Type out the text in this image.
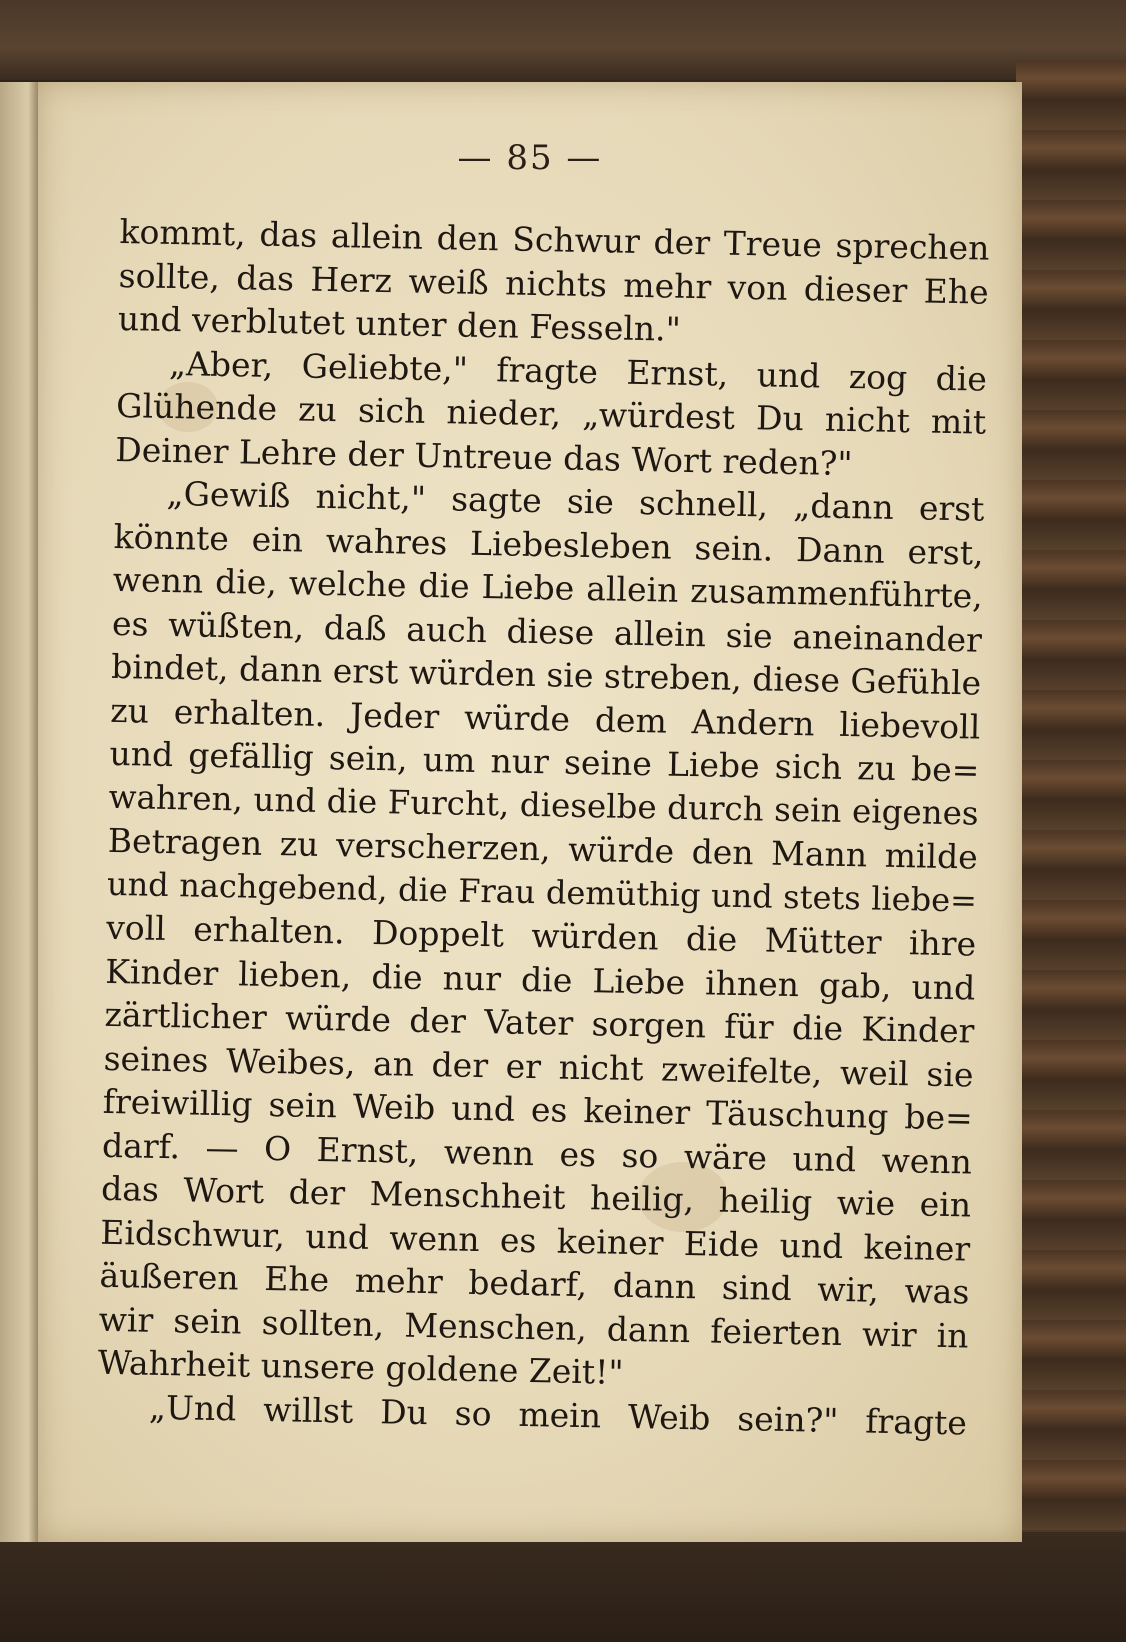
— 85 —
kommt, das allein den Schwur der Treue sprechen
sollte, das Herz weiß nichts mehr von dieser Ehe
und verblutet unter den Fesseln."
„Aber, Geliebte," fragte Ernst, und zog die
Glühende zu sich nieder, „würdest Du nicht mit
Deiner Lehre der Untreue das Wort reden?"
„Gewiß nicht," sagte sie schnell, „dann erst
könnte ein wahres Liebesleben sein. Dann erst,
wenn die, welche die Liebe allein zusammenführte,
es wüßten, daß auch diese allein sie aneinander
bindet, dann erst würden sie streben, diese Gefühle
zu erhalten. Jeder würde dem Andern liebevoll
und gefällig sein, um nur seine Liebe sich zu be=
wahren, und die Furcht, dieselbe durch sein eigenes
Betragen zu verscherzen, würde den Mann milde
und nachgebend, die Frau demüthig und stets liebe=
voll erhalten. Doppelt würden die Mütter ihre
Kinder lieben, die nur die Liebe ihnen gab, und
zärtlicher würde der Vater sorgen für die Kinder
seines Weibes, an der er nicht zweifelte, weil sie
freiwillig sein Weib und es keiner Täuschung be=
darf. — O Ernst, wenn es so wäre und wenn
das Wort der Menschheit heilig, heilig wie ein
Eidschwur, und wenn es keiner Eide und keiner
äußeren Ehe mehr bedarf, dann sind wir, was
wir sein sollten, Menschen, dann feierten wir in
Wahrheit unsere goldene Zeit!"
„Und willst Du so mein Weib sein?" fragte
